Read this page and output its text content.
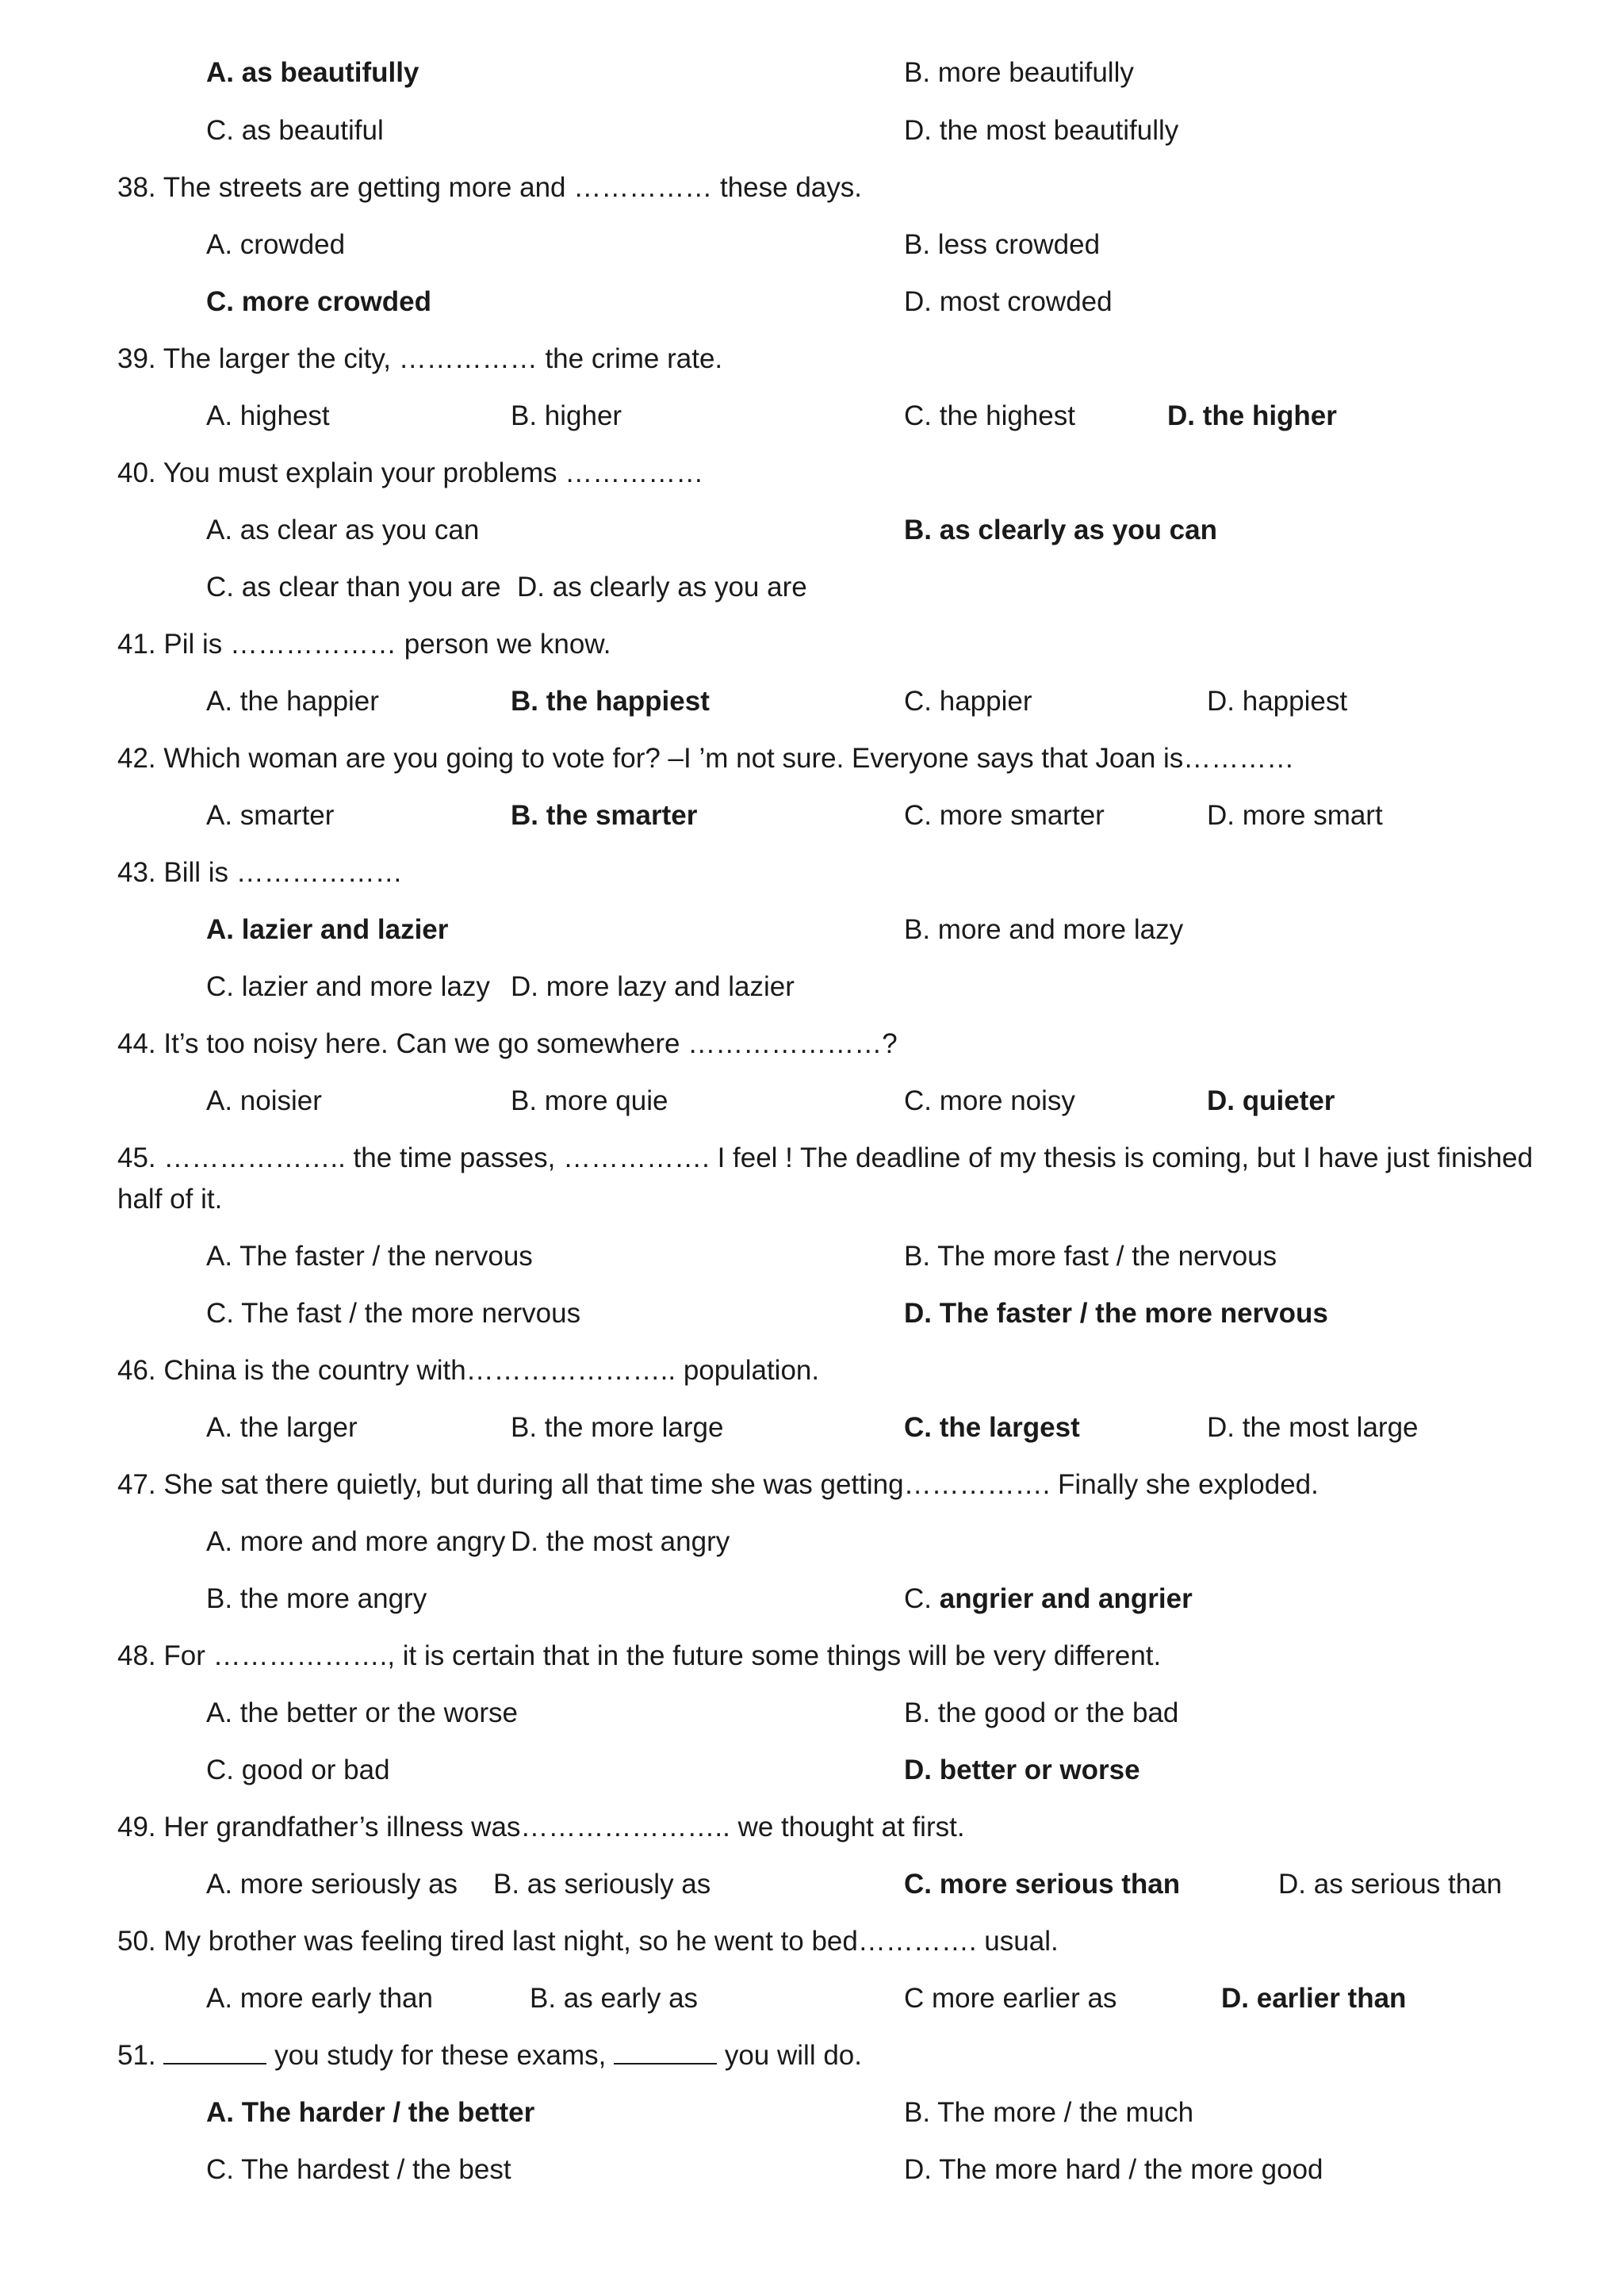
A. as beautifully	B. more beautifully
C. as beautiful	D. the most beautifully
38. The streets are getting more and …………… these days.
A. crowded	B. less crowded
C. more crowded	D. most crowded
39. The larger the city, …………… the crime rate.
A. highest	B. higher	C. the highest	D. the higher
40. You must explain your problems ……………
A. as clear as you can	B. as clearly as you can
C. as clear than you are D. as clearly as you are
41. Pil is ……………… person we know.
A. the happier	B. the happiest	C. happier	D. happiest
42. Which woman are you going to vote for? –I ’m not sure. Everyone says that Joan is…………
A. smarter	B. the smarter	C. more smarter	D. more smart
43. Bill is ………………
A. lazier and lazier	B. more and more lazy
C. lazier and more lazy D. more lazy and lazier
44. It’s too noisy here. Can we go somewhere …………………?
A. noisier	B. more quie	C. more noisy	D. quieter
45. ……………….. the time passes, ……………. I feel ! The deadline of my thesis is coming, but I have just finished half of it.
A. The faster / the nervous	B. The more fast / the nervous
C. The fast / the more nervous	D. The faster / the more nervous
46. China is the country with………………….. population.
A. the larger	B. the more large	C. the largest	D. the most large
47. She sat there quietly, but during all that time she was getting……………. Finally she exploded.
A. more and more angry D. the most angry
B. the more angry	C. angrier and angrier
48. For ………………., it is certain that in the future some things will be very different.
A. the better or the worse	B. the good or the bad
C. good or bad	D. better or worse
49. Her grandfather’s illness was………………….. we thought at first.
A. more seriously as B. as seriously as	C. more serious than	D. as serious than
50. My brother was feeling tired last night, so he went to bed…………. usual.
A. more early than	B. as early as	C more earlier as	D. earlier than
51.	you study for these exams,	you will do.
A. The harder / the better	B. The more / the much
C. The hardest / the best	D. The more hard / the more good
